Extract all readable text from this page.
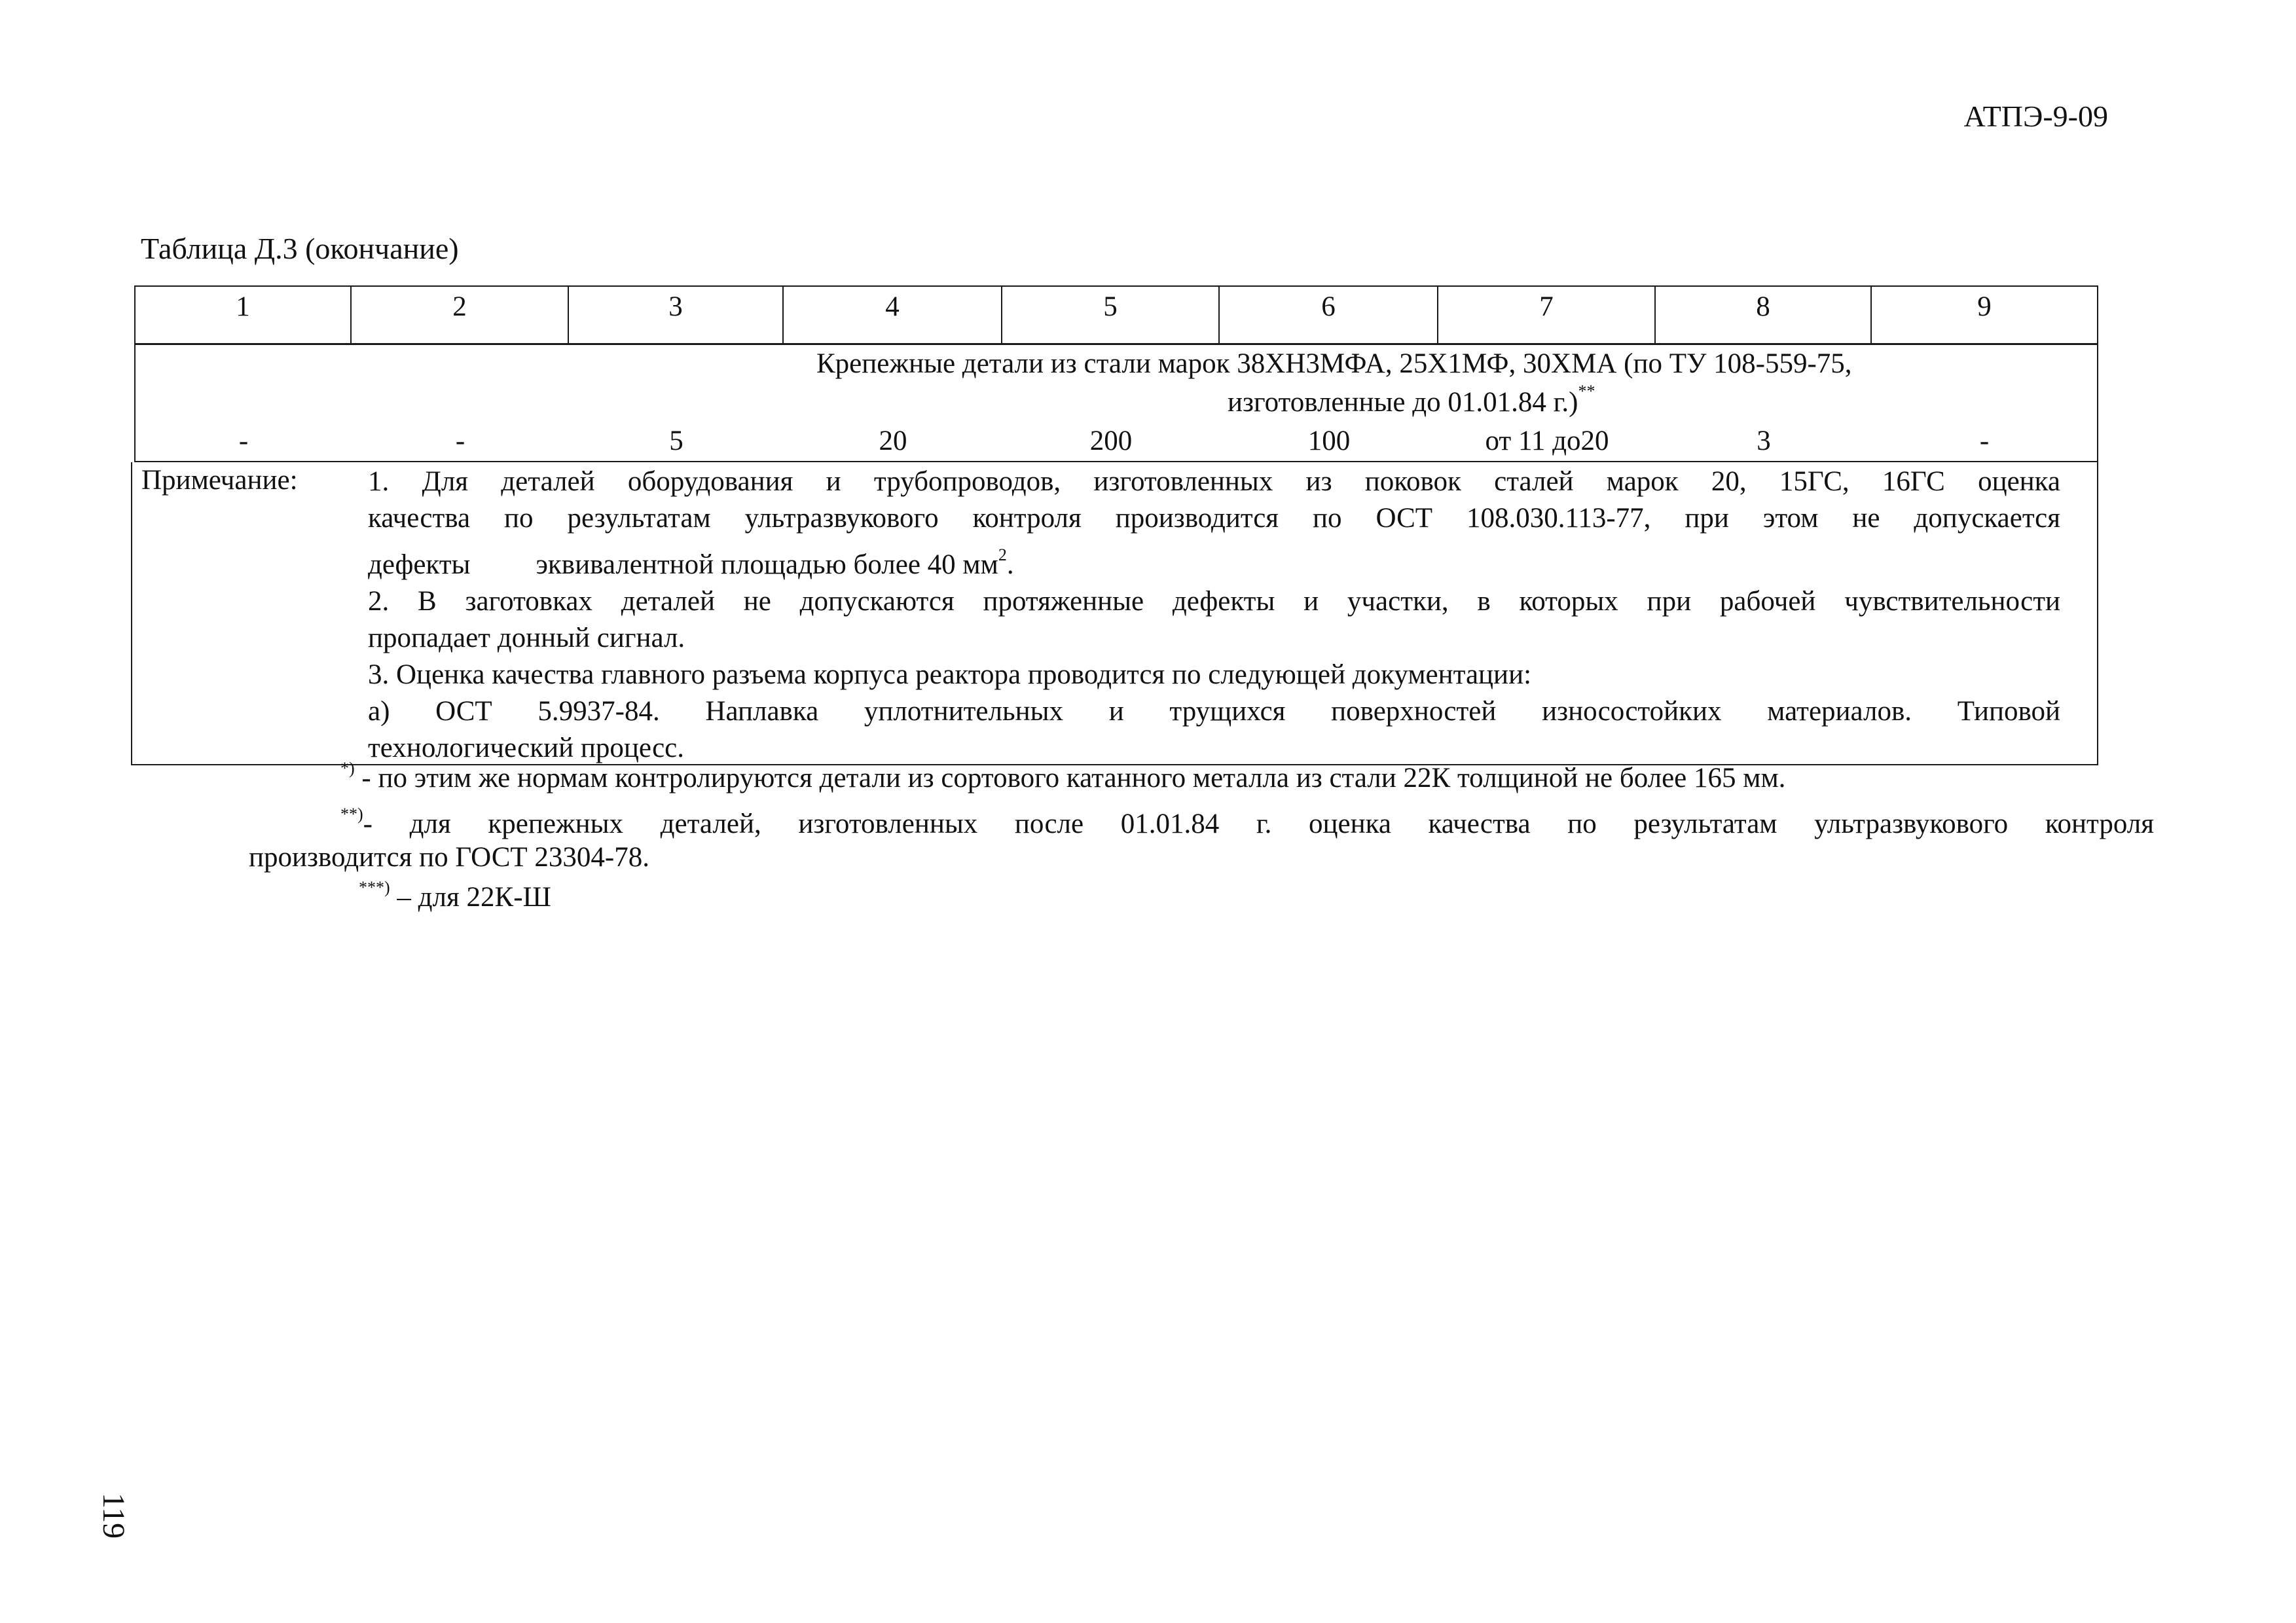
АТПЭ-9-09
Таблица Д.3 (окончание)
1	2	3	4	5	6	7	8	9
Крепежные детали из стали марок 38ХН3МФА, 25Х1МФ, 30ХМА (по ТУ 108-559-75,
изготовленные до 01.01.84 г.)**
-	-	5	20	200	100	от 11 до20	3	-
Примечание: 1. Для деталей оборудования и трубопроводов, изготовленных из поковок сталей марок 20, 15ГС, 16ГС оценка

качества по результатам ультразвукового контроля производится по ОСТ 108.030.113-77, при этом не допускается

дефекты эквивалентной площадью более 40 $мм^2$.

2. В заготовках деталей не допускаются протяженные дефекты и участки, в которых при рабочей чувствительности

пропадает донный сигнал.

3. Оценка качества главного разъема корпуса реактора проводится по следующей документации:

а) ОСТ 5.9937-84. Наплавка уплотнительных и трущихся поверхностей износостойких материалов. Типовой

технологический процесс.

*) - по этим же нормам контролируются детали из сортового катанного металла из стали 22К толщиной не более 165 мм.
**)- для крепежных деталей, изготовленных после 01.01.84 г. оценка качества по результатам ультразвукового контроля
производится по ГОСТ 23304-78.
***) – для 22К-Ш
119
